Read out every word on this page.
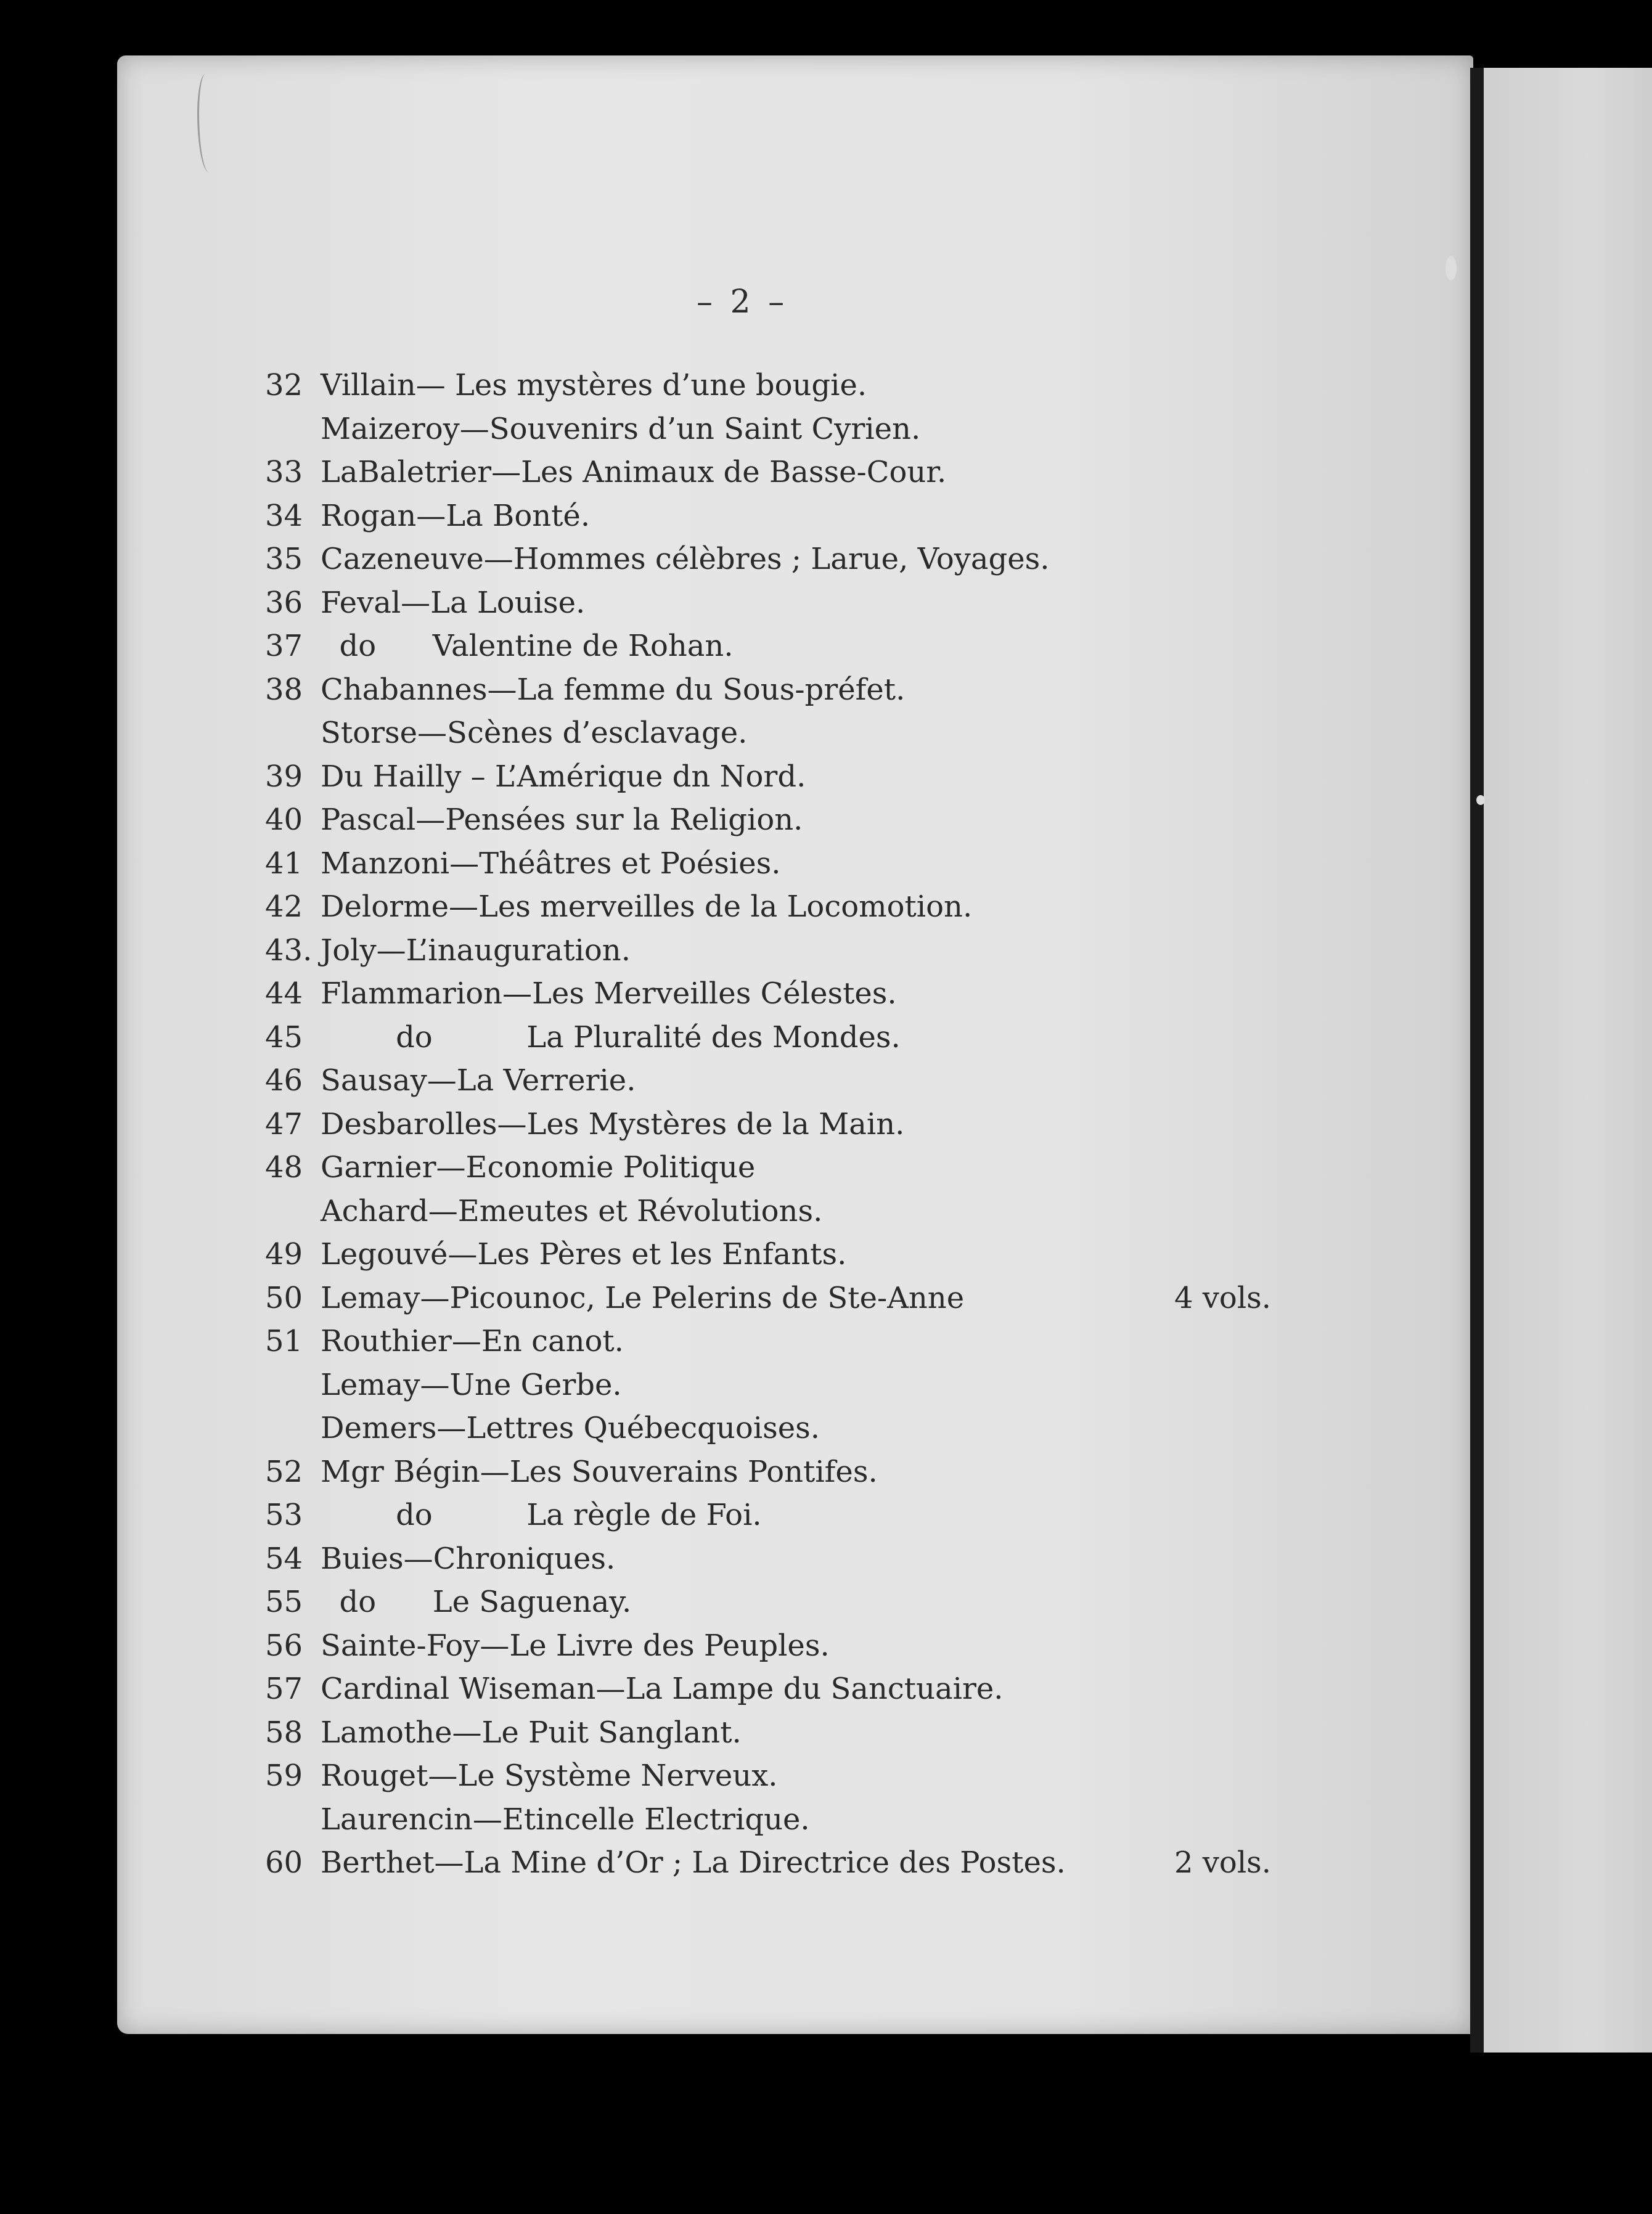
– 2 –
32 Villain— Les mystères d’une bougie.
Maizeroy—Souvenirs d’un Saint Cyrien.
33 LaBaletrier—Les Animaux de Basse-Cour.
34 Rogan—La Bonté.
35 Cazeneuve—Hommes célèbres ; Larue, Voyages.
36 Feval—La Louise.
37 do      Valentine de Rohan.
38 Chabannes—La femme du Sous-préfet.
Storse—Scènes d’esclavage.
39 Du Hailly – L’Amérique dn Nord.
40 Pascal—Pensées sur la Religion.
41 Manzoni—Théâtres et Poésies.
42 Delorme—Les merveilles de la Locomotion.
43. Joly—L’inauguration.
44 Flammarion—Les Merveilles Célestes.
45 do          La Pluralité des Mondes.
46 Sausay—La Verrerie.
47 Desbarolles—Les Mystères de la Main.
48 Garnier—Economie Politique
Achard—Emeutes et Révolutions.
49 Legouvé—Les Pères et les Enfants.
50 Lemay—Picounoc, Le Pelerins de Ste-Anne	4 vols.
51 Routhier—En canot.
Lemay—Une Gerbe.
Demers—Lettres Québecquoises.
52 Mgr Bégin—Les Souverains Pontifes.
53 do          La règle de Foi.
54 Buies—Chroniques.
55 do      Le Saguenay.
56 Sainte-Foy—Le Livre des Peuples.
57 Cardinal Wiseman—La Lampe du Sanctuaire.
58 Lamothe—Le Puit Sanglant.
59 Rouget—Le Système Nerveux.
Laurencin—Etincelle Electrique.
60 Berthet—La Mine d’Or ; La Directrice des Postes.	2 vols.
